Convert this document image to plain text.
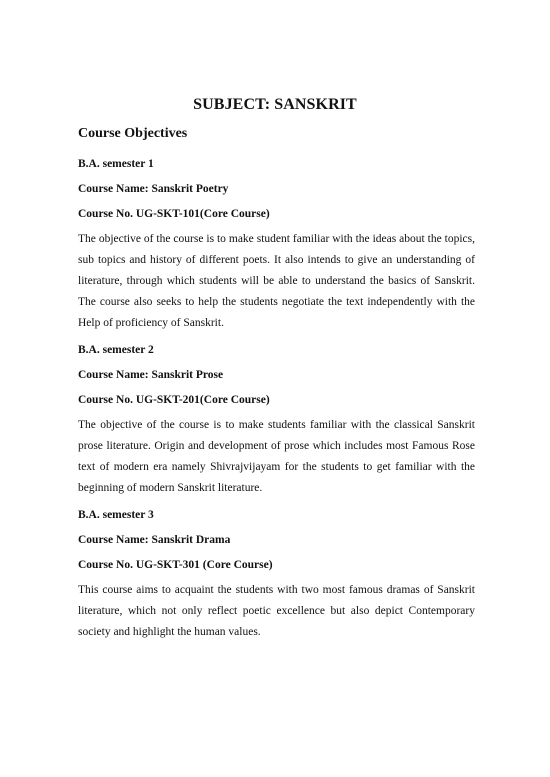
SUBJECT: SANSKRIT
Course Objectives
B.A. semester 1
Course Name: Sanskrit Poetry
Course No. UG-SKT-101(Core Course)
The objective of the course is to make student familiar with the ideas about the topics, sub topics and history of different poets. It also intends to give an understanding of literature, through which students will be able to understand the basics of Sanskrit. The course also seeks to help the students negotiate the text independently with the Help of proficiency of Sanskrit.
B.A. semester 2
Course Name: Sanskrit Prose
Course No. UG-SKT-201(Core Course)
The objective of the course is to make students familiar with the classical Sanskrit prose literature. Origin and development of prose which includes most Famous Rose text of modern era namely Shivrajvijayam for the students to get familiar with the beginning of modern Sanskrit literature.
B.A. semester 3
Course Name: Sanskrit Drama
Course No. UG-SKT-301 (Core Course)
This course aims to acquaint the students with two most famous dramas of Sanskrit literature, which not only reflect poetic excellence but also depict Contemporary society and highlight the human values.
